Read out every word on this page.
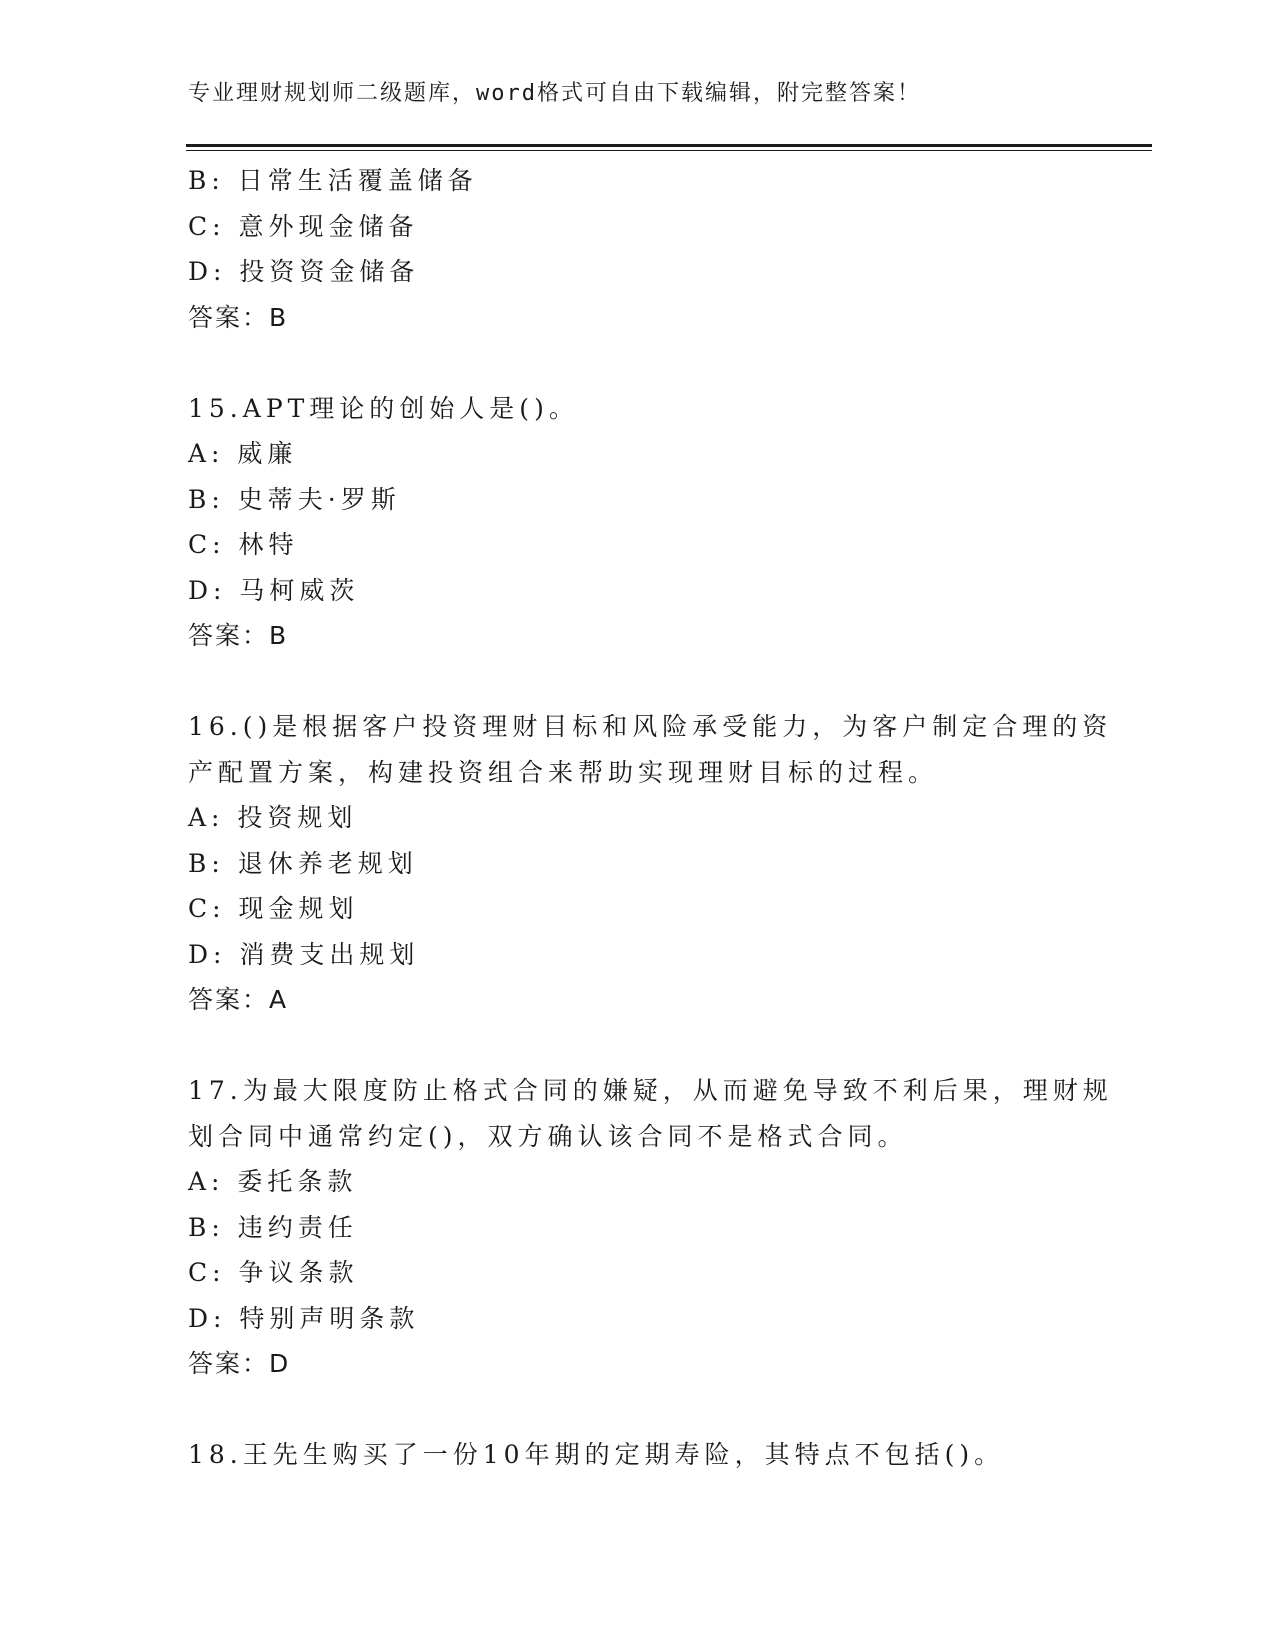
专业理财规划师二级题库，word格式可自由下载编辑，附完整答案！
B: 日常生活覆盖储备
C: 意外现金储备
D: 投资资金储备
答案：B
15.APT理论的创始人是()。
A: 威廉
B: 史蒂夫·罗斯
C: 林特
D: 马柯威茨
答案：B
16.()是根据客户投资理财目标和风险承受能力，为客户制定合理的资
产配置方案，构建投资组合来帮助实现理财目标的过程。
A: 投资规划
B: 退休养老规划
C: 现金规划
D: 消费支出规划
答案：A
17.为最大限度防止格式合同的嫌疑，从而避免导致不利后果，理财规
划合同中通常约定()，双方确认该合同不是格式合同。
A: 委托条款
B: 违约责任
C: 争议条款
D: 特别声明条款
答案：D
18.王先生购买了一份10年期的定期寿险，其特点不包括()。
